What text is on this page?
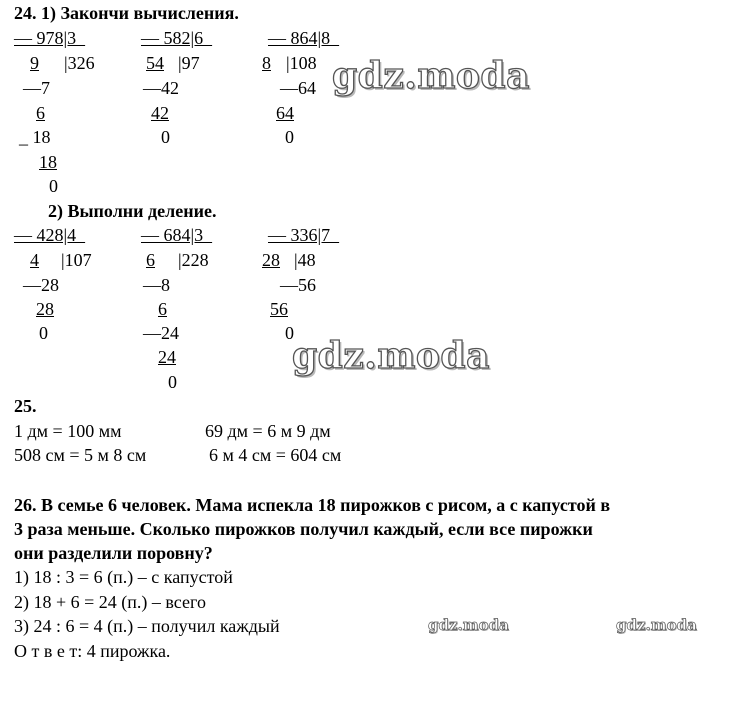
24. 1) Закончи вычисления.
— 978|3
9 |326
—7
6
_ 18
18
0
— 582|6
54 |97
—42
42
0
— 864|8
8 |108
—64
64
0
2) Выполни деление.
— 428|4
4 |107
—28
28
0
— 684|3
6 |228
—8
6
—24
24
0
— 336|7
28 |48
—56
56
0
25.
1 дм = 100 мм	69 дм = 6 м 9 дм
508 см = 5 м 8 см	6 м 4 см = 604 см
26. В семье 6 человек. Мама испекла 18 пирожков с рисом, а с капустой в
3 раза меньше. Сколько пирожков получил каждый, если все пирожки
они разделили поровну?
1) 18 : 3 = 6 (п.) – с капустой
2) 18 + 6 = 24 (п.) – всего
3) 24 : 6 = 4 (п.) – получил каждый
О т в е т: 4 пирожка.
gdz.moda
gdz.moda
gdz.moda	gdz.moda
